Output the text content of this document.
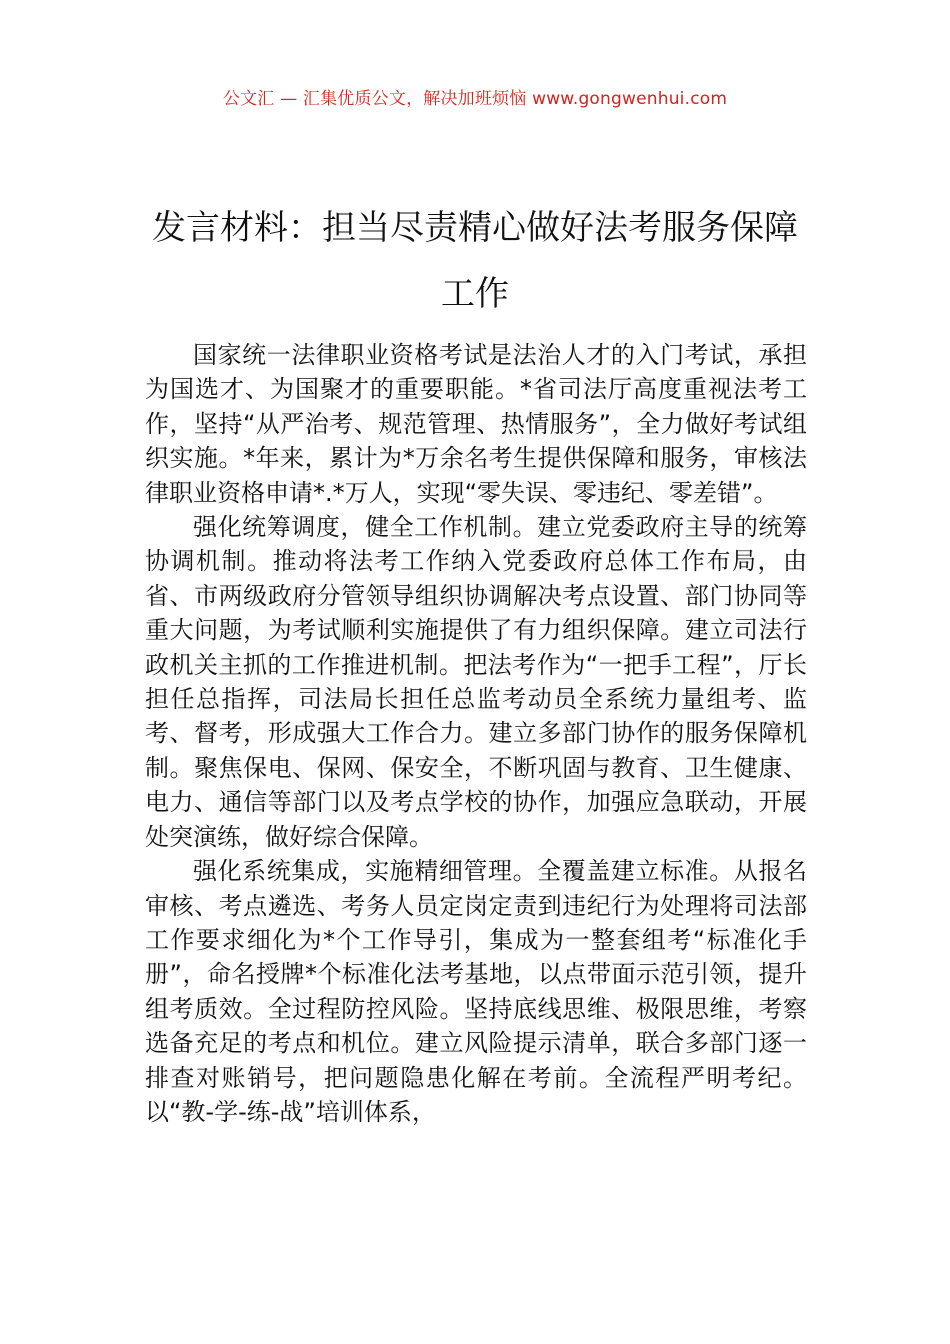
公文汇 — 汇集优质公文，解决加班烦恼 www.gongwenhui.com
发言材料：担当尽责精心做好法考服务保障工作

国家统一法律职业资格考试是法治人才的入门考试，承担为国选才、为国聚才的重要职能。*省司法厅高度重视法考工作，坚持“从严治考、规范管理、热情服务”，全力做好考试组织实施。*年来，累计为*万余名考生提供保障和服务，审核法律职业资格申请*.*万人，实现“零失误、零违纪、零差错”。

强化统筹调度，健全工作机制。建立党委政府主导的统筹协调机制。推动将法考工作纳入党委政府总体工作布局，由省、市两级政府分管领导组织协调解决考点设置、部门协同等重大问题，为考试顺利实施提供了有力组织保障。建立司法行政机关主抓的工作推进机制。把法考作为“一把手工程”，厅长担任总指挥，司法局长担任总监考动员全系统力量组考、监考、督考，形成强大工作合力。建立多部门协作的服务保障机制。聚焦保电、保网、保安全，不断巩固与教育、卫生健康、电力、通信等部门以及考点学校的协作，加强应急联动，开展处突演练，做好综合保障。

强化系统集成，实施精细管理。全覆盖建立标准。从报名审核、考点遴选、考务人员定岗定责到违纪行为处理将司法部工作要求细化为*个工作导引，集成为一整套组考“标准化手册”，命名授牌*个标准化法考基地，以点带面示范引领，提升组考质效。全过程防控风险。坚持底线思维、极限思维，考察选备充足的考点和机位。建立风险提示清单，联合多部门逐一排查对账销号，把问题隐患化解在考前。全流程严明考纪。以“教-学-练-战”培训体系，
